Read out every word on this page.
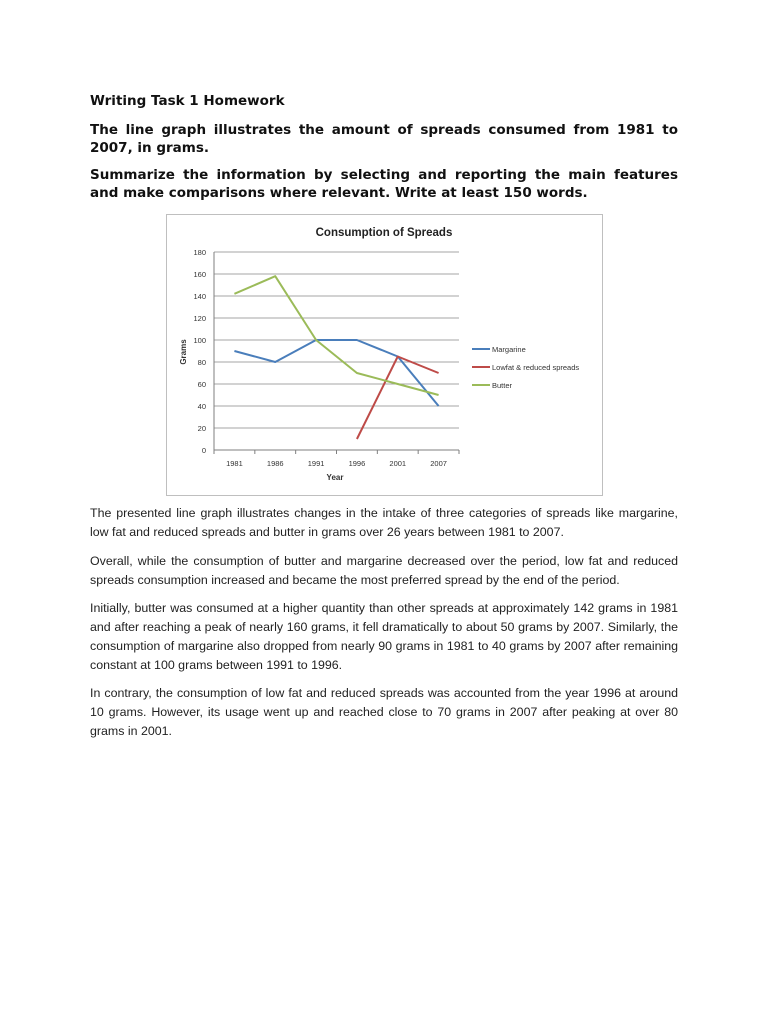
Writing Task 1 Homework

The line graph illustrates the amount of spreads consumed from 1981 to 2007, in grams.

Summarize the information by selecting and reporting the main features and make comparisons where relevant. Write at least 150 words.

Consumption of Spreads
Grams
Year
0
20
40
60
80
100
120
140
160
180
1981	1986	1991	1996	2001	2007
Margarine
Lowfat & reduced spreads
Butter

The presented line graph illustrates changes in the intake of three categories of spreads like margarine, low fat and reduced spreads and butter in grams over 26 years between 1981 to 2007.

Overall, while the consumption of butter and margarine decreased over the period, low fat and reduced spreads consumption increased and became the most preferred spread by the end of the period.

Initially, butter was consumed at a higher quantity than other spreads at approximately 142 grams in 1981 and after reaching a peak of nearly 160 grams, it fell dramatically to about 50 grams by 2007. Similarly, the consumption of margarine also dropped from nearly 90 grams in 1981 to 40 grams by 2007 after remaining constant at 100 grams between 1991 to 1996.

In contrary, the consumption of low fat and reduced spreads was accounted from the year 1996 at around 10 grams. However, its usage went up and reached close to 70 grams in 2007 after peaking at over 80 grams in 2001.
